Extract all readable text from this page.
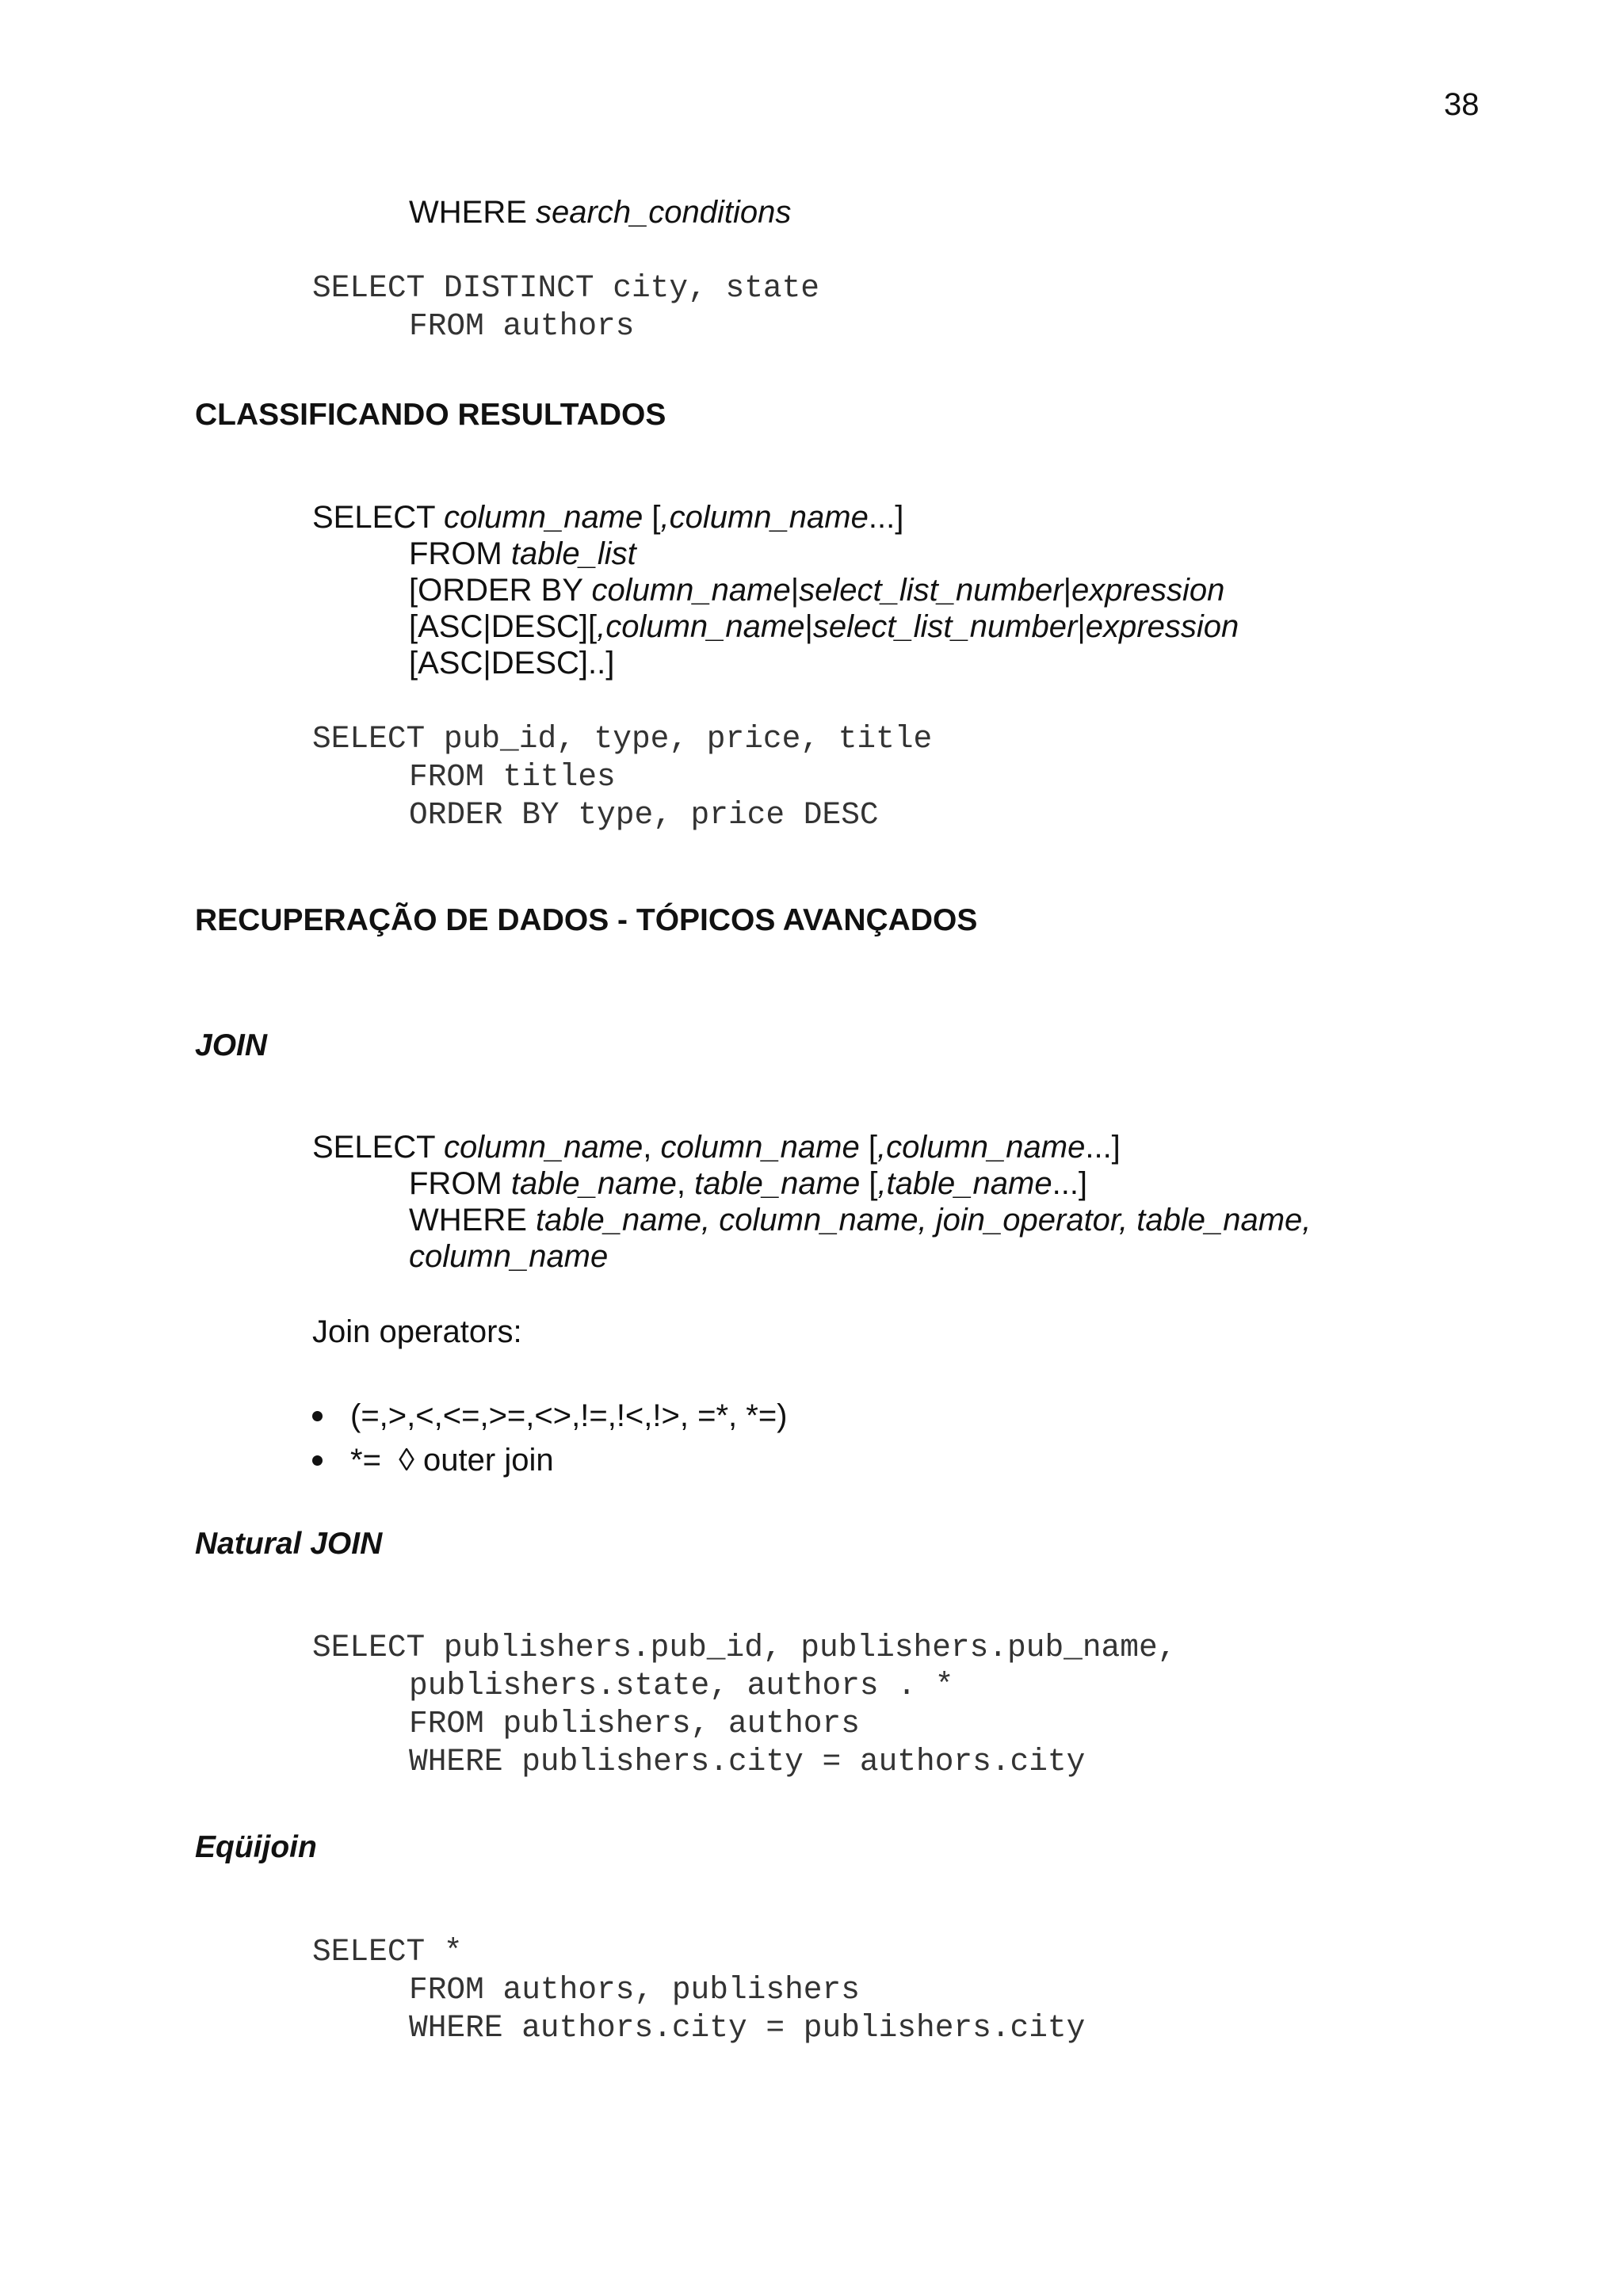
38
WHERE search_conditions
SELECT DISTINCT city, state
FROM authors
CLASSIFICANDO RESULTADOS
SELECT column_name [,column_name...]
FROM table_list
[ORDER BY column_name|select_list_number|expression
[ASC|DESC][,column_name|select_list_number|expression
[ASC|DESC]..]
SELECT pub_id, type, price, title
FROM titles
ORDER BY type, price DESC
RECUPERAÇÃO DE DADOS - TÓPICOS AVANÇADOS
JOIN
SELECT column_name, column_name [,column_name...]
FROM table_name, table_name [,table_name...]
WHERE table_name, column_name, join_operator, table_name,
column_name
Join operators:
(=,>,<,<=,>=,<>,!=,!<,!>, =*, *=)
*=  ◊ outer join
Natural JOIN
SELECT publishers.pub_id, publishers.pub_name,
publishers.state, authors . *
FROM publishers, authors
WHERE publishers.city = authors.city
Eqüijoin
SELECT *
FROM authors, publishers
WHERE authors.city = publishers.city
